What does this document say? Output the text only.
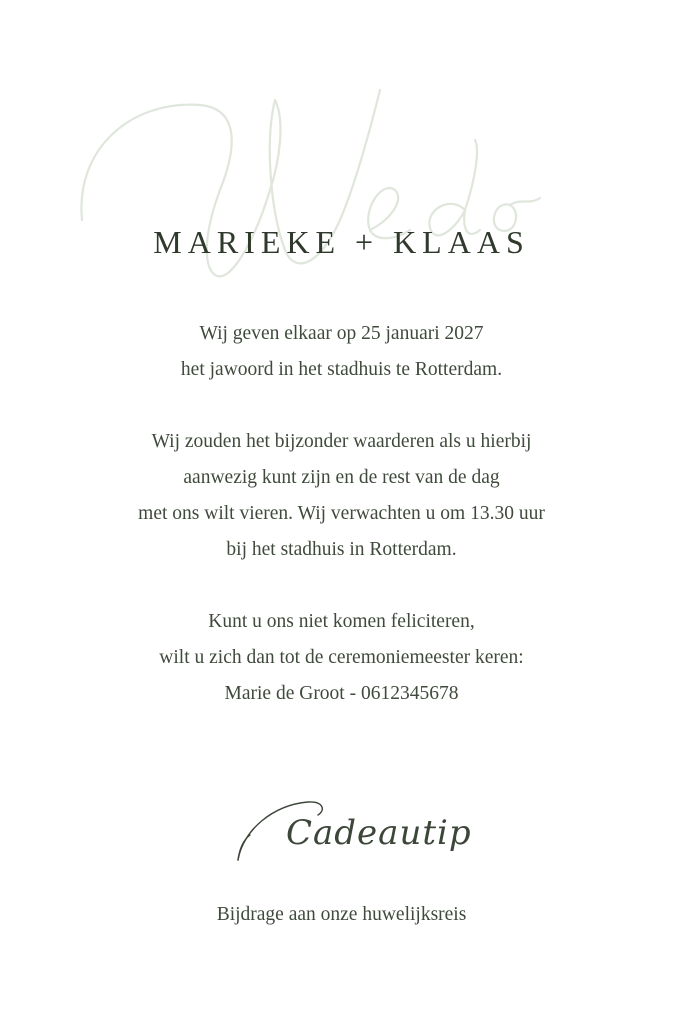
MARIEKE + KLAAS
Wij geven elkaar op 25 januari 2027
het jawoord in het stadhuis te Rotterdam.
Wij zouden het bijzonder waarderen als u hierbij
aanwezig kunt zijn en de rest van de dag
met ons wilt vieren. Wij verwachten u om 13.30 uur
bij het stadhuis in Rotterdam.
Kunt u ons niet komen feliciteren,
wilt u zich dan tot de ceremoniemeester keren:
Marie de Groot - 0612345678
Cadeautip
Bijdrage aan onze huwelijksreis
